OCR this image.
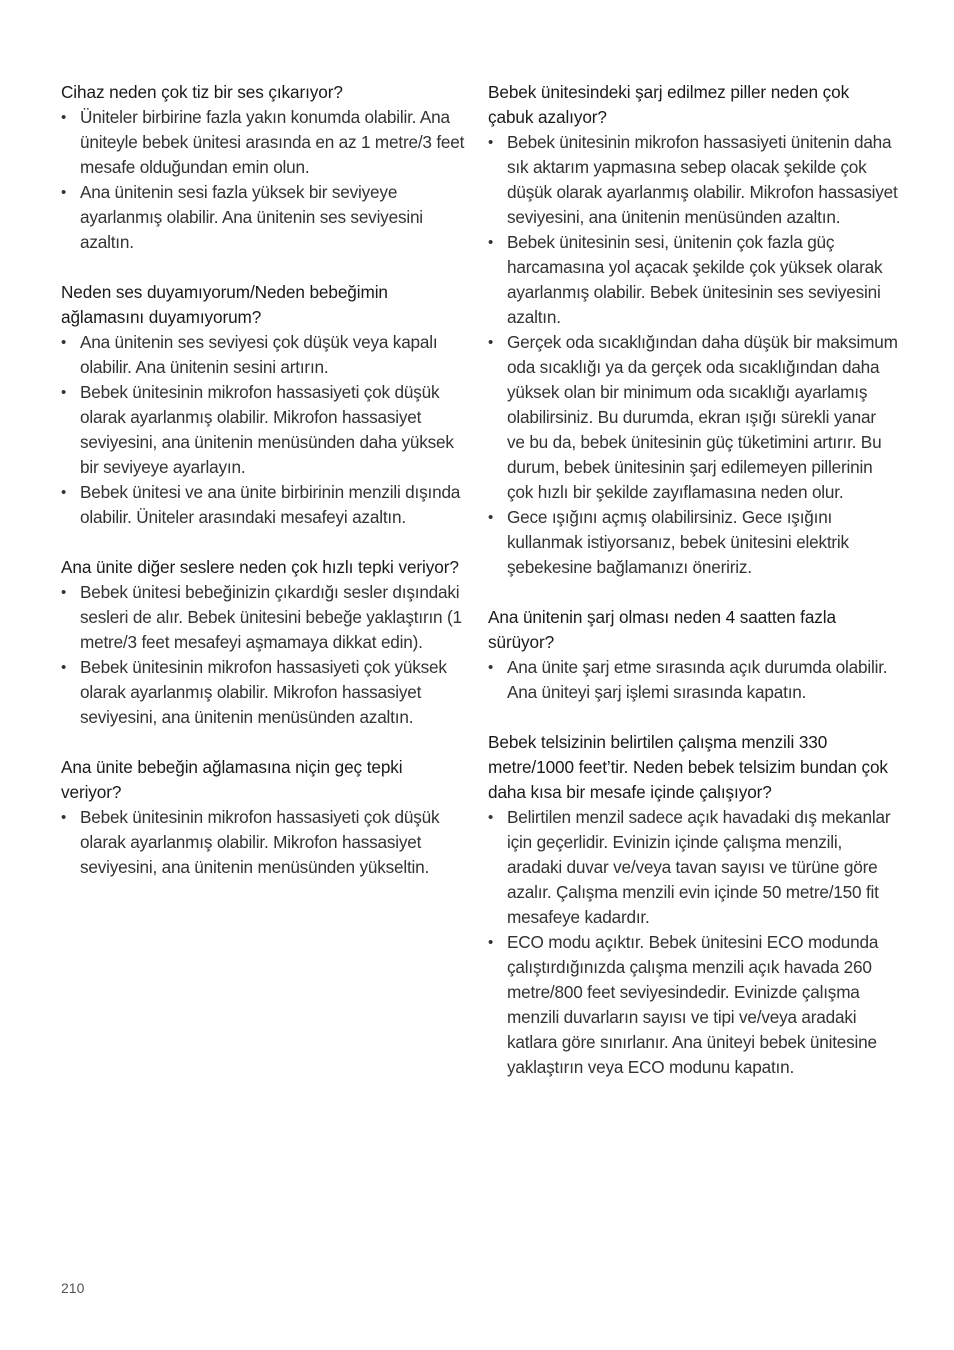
Cihaz neden çok tiz bir ses çıkarıyor?

• Üniteler birbirine fazla yakın konumda olabilir. Ana üniteyle bebek ünitesi arasında en az 1 metre/3 feet mesafe olduğundan emin olun.
• Ana ünitenin sesi fazla yüksek bir seviyeye ayarlanmış olabilir. Ana ünitenin ses seviyesini azaltın.

Neden ses duyamıyorum/Neden bebeğimin ağlamasını duyamıyorum?

• Ana ünitenin ses seviyesi çok düşük veya kapalı olabilir. Ana ünitenin sesini artırın.
• Bebek ünitesinin mikrofon hassasiyeti çok düşük olarak ayarlanmış olabilir. Mikrofon hassasiyet seviyesini, ana ünitenin menüsünden daha yüksek bir seviyeye ayarlayın.
• Bebek ünitesi ve ana ünite birbirinin menzili dışında olabilir. Üniteler arasındaki mesafeyi azaltın.

Ana ünite diğer seslere neden çok hızlı tepki veriyor?

• Bebek ünitesi bebeğinizin çıkardığı sesler dışındaki sesleri de alır. Bebek ünitesini bebeğe yaklaştırın (1 metre/3 feet mesafeyi aşmamaya dikkat edin).
• Bebek ünitesinin mikrofon hassasiyeti çok yüksek olarak ayarlanmış olabilir. Mikrofon hassasiyet seviyesini, ana ünitenin menüsünden azaltın.

Ana ünite bebeğin ağlamasına niçin geç tepki veriyor?

• Bebek ünitesinin mikrofon hassasiyeti çok düşük olarak ayarlanmış olabilir. Mikrofon hassasiyet seviyesini, ana ünitenin menüsünden yükseltin.

Bebek ünitesindeki şarj edilmez piller neden çok çabuk azalıyor?

• Bebek ünitesinin mikrofon hassasiyeti ünitenin daha sık aktarım yapmasına sebep olacak şekilde çok düşük olarak ayarlanmış olabilir. Mikrofon hassasiyet seviyesini, ana ünitenin menüsünden azaltın.
• Bebek ünitesinin sesi, ünitenin çok fazla güç harcamasına yol açacak şekilde çok yüksek olarak ayarlanmış olabilir. Bebek ünitesinin ses seviyesini azaltın.
• Gerçek oda sıcaklığından daha düşük bir maksimum oda sıcaklığı ya da gerçek oda sıcaklığından daha yüksek olan bir minimum oda sıcaklığı ayarlamış olabilirsiniz. Bu durumda, ekran ışığı sürekli yanar ve bu da, bebek ünitesinin güç tüketimini artırır. Bu durum, bebek ünitesinin şarj edilemeyen pillerinin çok hızlı bir şekilde zayıflamasına neden olur.
• Gece ışığını açmış olabilirsiniz. Gece ışığını kullanmak istiyorsanız, bebek ünitesini elektrik şebekesine bağlamanızı öneririz.

Ana ünitenin şarj olması neden 4 saatten fazla sürüyor?

• Ana ünite şarj etme sırasında açık durumda olabilir. Ana üniteyi şarj işlemi sırasında kapatın.

Bebek telsizinin belirtilen çalışma menzili 330 metre/1000 feet’tir. Neden bebek telsizim bundan çok daha kısa bir mesafe içinde çalışıyor?

• Belirtilen menzil sadece açık havadaki dış mekanlar için geçerlidir. Evinizin içinde çalışma menzili, aradaki duvar ve/veya tavan sayısı ve türüne göre azalır. Çalışma menzili evin içinde 50 metre/150 fit mesafeye kadardır.
• ECO modu açıktır. Bebek ünitesini ECO modunda çalıştırdığınızda çalışma menzili açık havada 260 metre/800 feet seviyesindedir. Evinizde çalışma menzili duvarların sayısı ve tipi ve/veya aradaki katlara göre sınırlanır. Ana üniteyi bebek ünitesine yaklaştırın veya ECO modunu kapatın.
210
